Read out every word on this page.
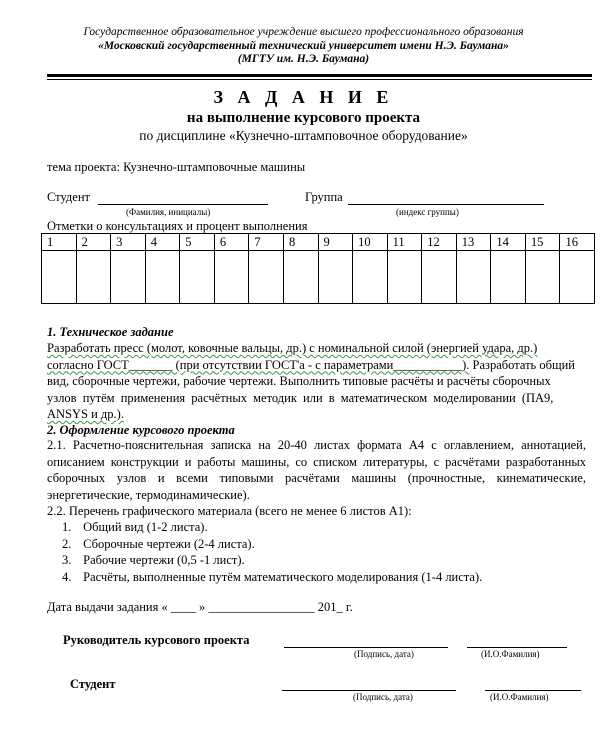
Государственное образовательное учреждение высшего профессионального образования
«Московский государственный технический университет имени Н.Э. Баумана»
(МГТУ им. Н.Э. Баумана)
З А Д А Н И Е
на выполнение курсового проекта
по дисциплине «Кузнечно-штамповочное оборудование»
тема проекта: Кузнечно-штамповочные машины
Студент
(Фамилия, инициалы)
Группа
(индекс группы)
Отметки о консультациях и процент выполнения
1	2	3	4	5	6	7	8	9	10	11	12	13	14	15	16

1. Техническое задание
Разработать пресс (молот, ковочные вальцы, др.) с номинальной силой (энергией удара, др.)
согласно ГОСТ_______ (при отсутствии ГОСТ'а - с параметрами___________). Разработать общий
вид, сборочные чертежи, рабочие чертежи. Выполнить типовые расчёты и расчёты сборочных
узлов путём применения расчётных методик или в математическом моделировании (ПА9,
ANSYS и др.).
2. Оформление курсового проекта
2.1. Расчетно-пояснительная записка на 20-40 листах формата А4 с оглавлением, аннотацией, описанием конструкции и работы машины, со списком литературы, с расчётами разработанных сборочных узлов и всеми типовыми расчётами машины (прочностные, кинематические, энергетические, термодинамические).
2.2. Перечень графического материала (всего не менее 6 листов А1):
1. Общий вид (1-2 листа).
2. Сборочные чертежи (2-4 листа).
3. Рабочие чертежи (0,5 -1 лист).
4. Расчёты, выполненные путём математического моделирования (1-4 листа).
Дата выдачи задания « ____ » _________________ 201_ г.
Руководитель курсового проекта
(Подпись, дата)	(И.О.Фамилия)
Студент
(Подпись, дата)	(И.О.Фамилия)
